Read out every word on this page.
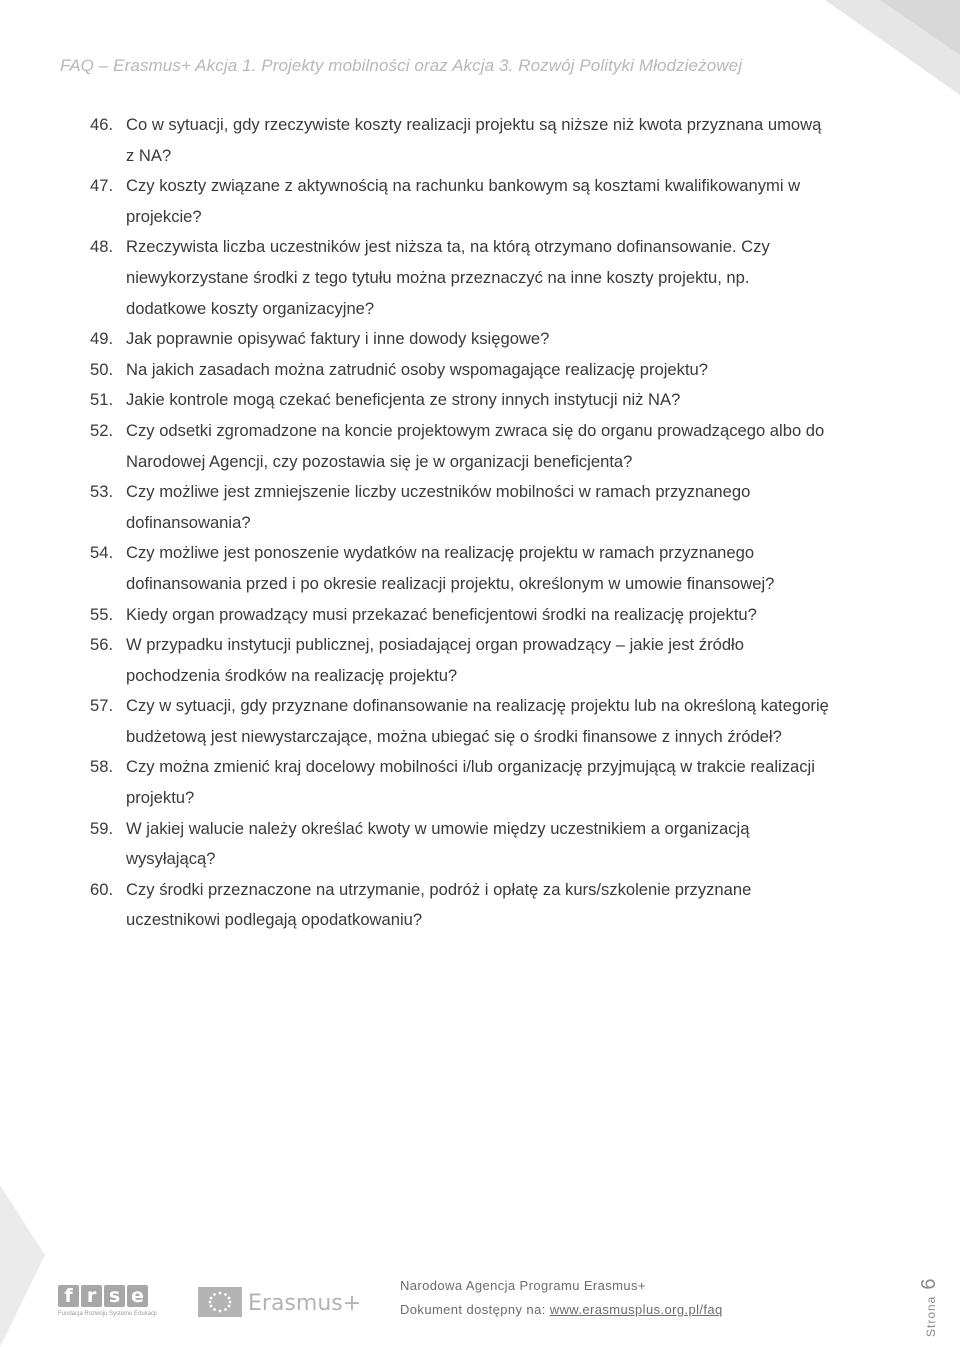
FAQ – Erasmus+ Akcja 1. Projekty mobilności oraz Akcja 3. Rozwój Polityki Młodzieżowej
46. Co w sytuacji, gdy rzeczywiste koszty realizacji projektu są niższe niż kwota przyznana umową z NA?
47. Czy koszty związane z aktywnością na rachunku bankowym są kosztami kwalifikowanymi w projekcie?
48. Rzeczywista liczba uczestników jest niższa ta, na którą otrzymano dofinansowanie. Czy niewykorzystane środki z tego tytułu można przeznaczyć na inne koszty projektu, np. dodatkowe koszty organizacyjne?
49. Jak poprawnie opisywać faktury i inne dowody księgowe?
50. Na jakich zasadach można zatrudnić osoby wspomagające realizację projektu?
51. Jakie kontrole mogą czekać beneficjenta ze strony innych instytucji niż NA?
52. Czy odsetki zgromadzone na koncie projektowym zwraca się do organu prowadzącego albo do Narodowej Agencji, czy pozostawia się je w organizacji beneficjenta?
53. Czy możliwe jest zmniejszenie liczby uczestników mobilności w ramach przyznanego dofinansowania?
54. Czy możliwe jest ponoszenie wydatków na realizację projektu w ramach przyznanego dofinansowania przed i po okresie realizacji projektu, określonym w umowie finansowej?
55. Kiedy organ prowadzący musi przekazać beneficjentowi środki na realizację projektu?
56. W przypadku instytucji publicznej, posiadającej organ prowadzący – jakie jest źródło pochodzenia środków na realizację projektu?
57. Czy w sytuacji, gdy przyznane dofinansowanie na realizację projektu lub na określoną kategorię budżetową jest niewystarczające, można ubiegać się o środki finansowe z innych źródeł?
58. Czy można zmienić kraj docelowy mobilności i/lub organizację przyjmującą w trakcie realizacji projektu?
59. W jakiej walucie należy określać kwoty w umowie między uczestnikiem a organizacją wysyłającą?
60. Czy środki przeznaczone na utrzymanie, podróż i opłatę za kurs/szkolenie przyznane uczestnikowi podlegają opodatkowaniu?
f r s e
Fundacja Rozwoju Systemu Edukacji	Erasmus+
Narodowa Agencja Programu Erasmus+
Dokument dostępny na: www.erasmusplus.org.pl/faq	Strona
6
